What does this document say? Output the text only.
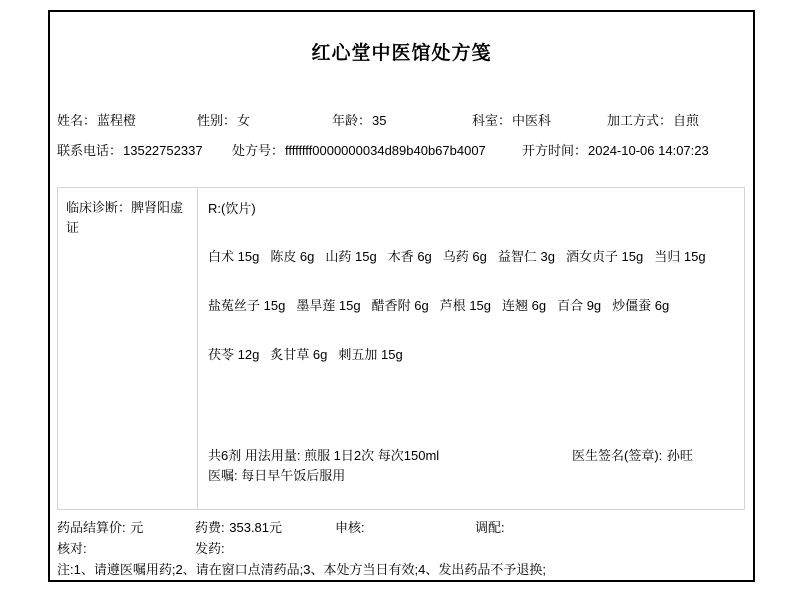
红心堂中医馆处方笺
姓名：蓝程橙	性别：女	年龄：35	科室：中医科	加工方式：自煎
联系电话：13522752337 处方号：ffffffff0000000034d89b40b67b4007	开方时间：2024-10-06 14:07:23
临床诊断：脾肾阳虚证
R:(饮片)
白术 15g 陈皮 6g 山药 15g 木香 6g 乌药 6g 益智仁 3g 酒女贞子 15g 当归 15g
盐菟丝子 15g 墨旱莲 15g 醋香附 6g 芦根 15g 连翘 6g 百合 9g 炒僵蚕 6g
茯苓 12g 炙甘草 6g 刺五加 15g
共6剂 用法用量: 煎服 1日2次 每次150ml
医嘱: 每日早午饭后服用
医生签名(签章): 孙旺
药品结算价: 元	药费: 353.81元	申核:	调配:
核对:	发药:
注:1、请遵医嘱用药;2、请在窗口点清药品;3、本处方当日有效;4、发出药品不予退换;
